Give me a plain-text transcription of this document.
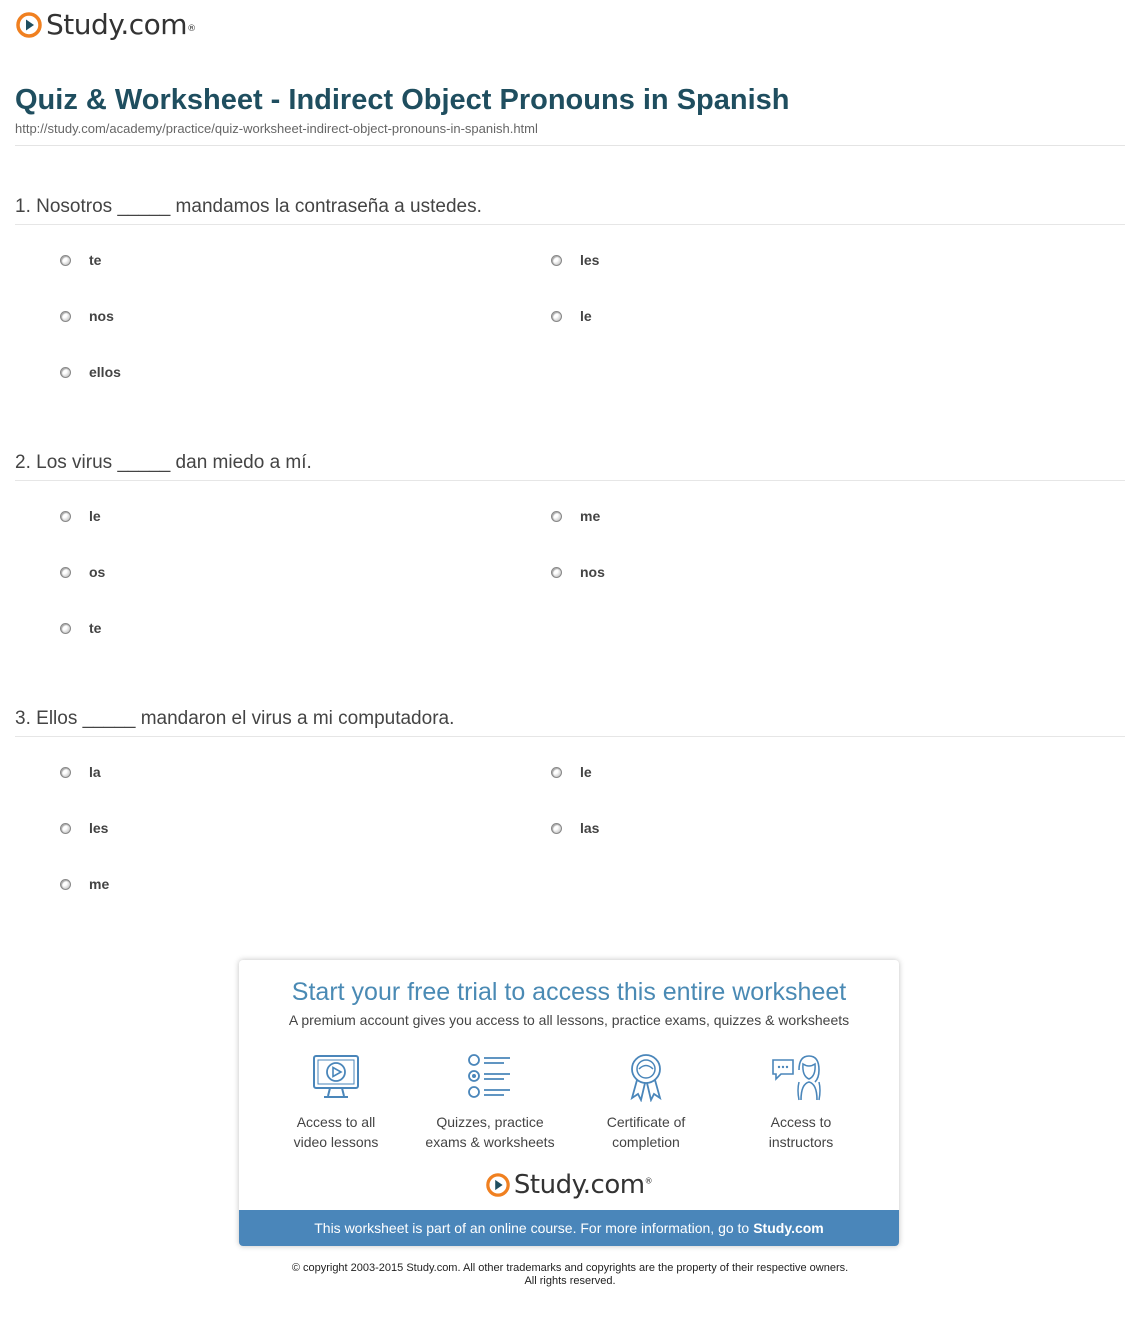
Study.com®
Quiz & Worksheet - Indirect Object Pronouns in Spanish
http://study.com/academy/practice/quiz-worksheet-indirect-object-pronouns-in-spanish.html
1. Nosotros _____ mandamos la contraseña a ustedes.
te	les
nos	le
ellos
2. Los virus _____ dan miedo a mí.
le	me
os	nos
te
3. Ellos _____ mandaron el virus a mi computadora.
la	le
les	las
me
Start your free trial to access this entire worksheet
A premium account gives you access to all lessons, practice exams, quizzes & worksheets
Access to all
video lessons
Quizzes, practice
exams & worksheets
Certificate of
completion
Access to
instructors
Study.com®
This worksheet is part of an online course. For more information, go to Study.com
© copyright 2003-2015 Study.com. All other trademarks and copyrights are the property of their respective owners.
All rights reserved.
